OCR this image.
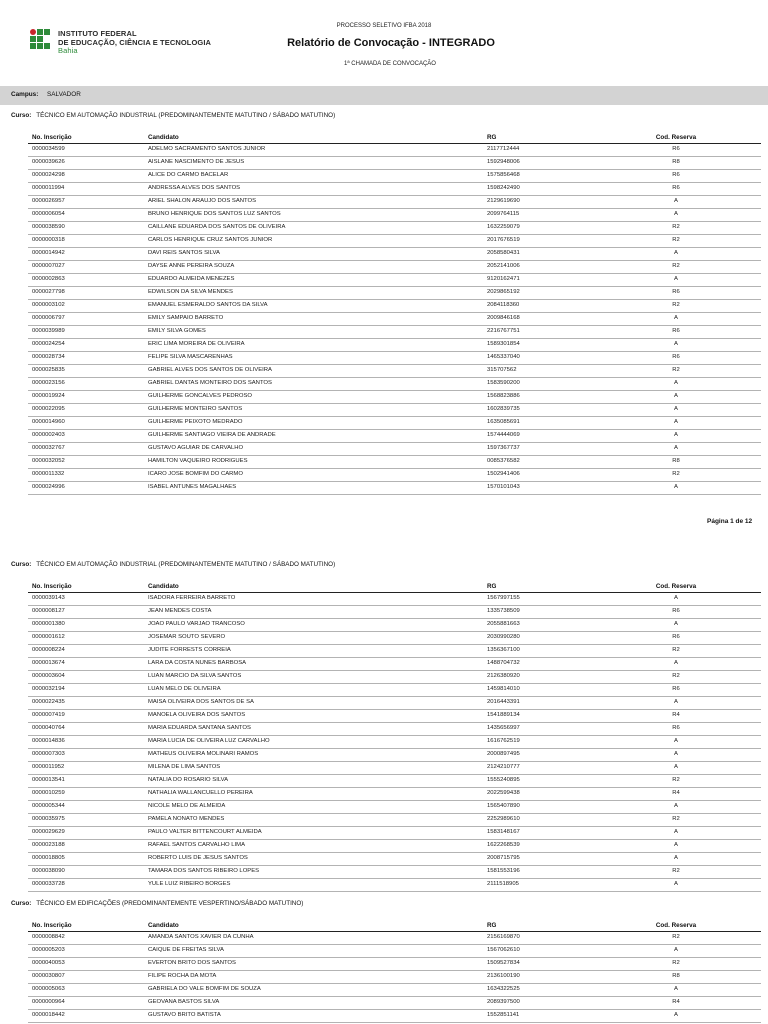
INSTITUTO FEDERAL
DE EDUCAÇÃO, CIÊNCIA E TECNOLOGIA
Bahia
PROCESSO SELETIVO IFBA 2018
Relatório de Convocação - INTEGRADO
1ª CHAMADA DE CONVOCAÇÃO
Campus: SALVADOR
Curso: TÉCNICO EM AUTOMAÇÃO INDUSTRIAL (PREDOMINANTEMENTE MATUTINO / SÁBADO MATUTINO)
No. Inscrição	Candidato	RG	Cod. Reserva
0000034599	ADELMO SACRAMENTO SANTOS JUNIOR	2117712444	R6
0000039626	AISLANE NASCIMENTO DE JESUS	1592948006	R8
0000024298	ALICE DO CARMO BACELAR	1575856468	R6
0000011994	ANDRESSA ALVES DOS SANTOS	1598242490	R6
0000026957	ARIEL SHALON ARAUJO DOS SANTOS	2129619690	A
0000006054	BRUNO HENRIQUE DOS SANTOS LUZ SANTOS	2099764115	A
0000038590	CAILLANE EDUARDA DOS SANTOS DE OLIVEIRA	1632259079	R2
0000000318	CARLOS HENRIQUE CRUZ SANTOS JUNIOR	2017676519	R2
0000014942	DAVI REIS SANTOS SILVA	2058580431	A
0000007027	DAYSE ANNE PEREIRA SOUZA	2052141006	R2
0000002863	EDUARDO ALMEIDA MENEZES	9120162471	A
0000027798	EDWILSON DA SILVA MENDES	2029865192	R6
0000003102	EMANUEL ESMERALDO SANTOS DA SILVA	2084118360	R2
0000006797	EMILY SAMPAIO BARRETO	2009846168	A
0000039989	EMILY SILVA GOMES	2216767751	R6
0000024254	ERIC LIMA MOREIRA DE OLIVEIRA	1589301854	A
0000028734	FELIPE SILVA MASCARENHAS	1465337040	R6
0000025835	GABRIEL ALVES DOS SANTOS DE OLIVEIRA	315707562	R2
0000023156	GABRIEL DANTAS MONTEIRO DOS SANTOS	1583590200	A
0000019924	GUILHERME GONCALVES PEDROSO	1568823886	A
0000022095	GUILHERME MONTEIRO SANTOS	1602839735	A
0000014960	GUILHERME PEIXOTO MEDRADO	1635085691	A
0000002403	GUILHERME SANTIAGO VIEIRA DE ANDRADE	1574444069	A
0000032767	GUSTAVO AGUIAR DE CARVALHO	1597367737	A
0000032052	HAMILTON VAQUEIRO RODRIGUES	0085376582	R8
0000011332	ICARO JOSE BOMFIM DO CARMO	1502941406	R2
0000024996	ISABEL ANTUNES MAGALHAES	1570101043	A
Curso: TÉCNICO EM AUTOMAÇÃO INDUSTRIAL (PREDOMINANTEMENTE MATUTINO / SÁBADO MATUTINO)
No. Inscrição	Candidato	RG	Cod. Reserva
0000039143	ISADORA FERREIRA BARRETO	1567997155	A
0000008127	JEAN MENDES COSTA	1335738509	R6
0000001380	JOAO PAULO VARJAO TRANCOSO	2055881663	A
0000001612	JOSEMAR SOUTO SEVERO	2030990280	R6
0000008224	JUDITE FORRESTS CORREIA	1356367100	R2
0000013674	LARA DA COSTA NUNES BARBOSA	1488704732	A
0000003604	LUAN MARCIO DA SILVA SANTOS	2126380920	R2
0000032194	LUAN MELO DE OLIVEIRA	1459814010	R6
0000022435	MAISA OLIVEIRA DOS SANTOS DE SA	2016443391	A
0000007419	MANOELA OLIVEIRA DOS SANTOS	1541889134	R4
0000040764	MARIA EDUARDA SANTANA SANTOS	1435656997	R6
0000014836	MARIA LUCIA DE OLIVEIRA LUZ CARVALHO	1616762519	A
0000007303	MATHEUS OLIVEIRA MOLINARI RAMOS	2000897495	A
0000011952	MILENA DE LIMA SANTOS	2124210777	A
0000013541	NATALIA DO ROSARIO SILVA	1555240895	R2
0000010259	NATHALIA WALLANCUELLO PEREIRA	2022599438	R4
0000005344	NICOLE MELO DE ALMEIDA	1565407890	A
0000035975	PAMELA NONATO MENDES	2252989610	R2
0000029629	PAULO VALTER BITTENCOURT ALMEIDA	1583148167	A
0000023188	RAFAEL SANTOS CARVALHO LIMA	1622268539	A
0000018805	ROBERTO LUIS DE JESUS SANTOS	2008715795	A
0000038090	TAMARA DOS SANTOS RIBEIRO LOPES	1581553196	R2
0000033728	YULE LUIZ RIBEIRO BORGES	2111518905	A
Curso: TÉCNICO EM EDIFICAÇÕES (PREDOMINANTEMENTE VESPERTINO/SÁBADO MATUTINO)
No. Inscrição	Candidato	RG	Cod. Reserva
0000008842	AMANDA SANTOS XAVIER DA CUNHA	2156169870	R2
0000005203	CAIQUE DE FREITAS SILVA	1567062610	A
0000040053	EVERTON BRITO DOS SANTOS	1509527834	R2
0000030807	FILIPE ROCHA DA MOTA	2136100190	R8
0000005063	GABRIELA DO VALE BOMFIM DE SOUZA	1634322525	A
0000000964	GEOVANA BASTOS SILVA	2089397500	R4
0000018442	GUSTAVO BRITO BATISTA	1552851141	A
Página 1 de 12
